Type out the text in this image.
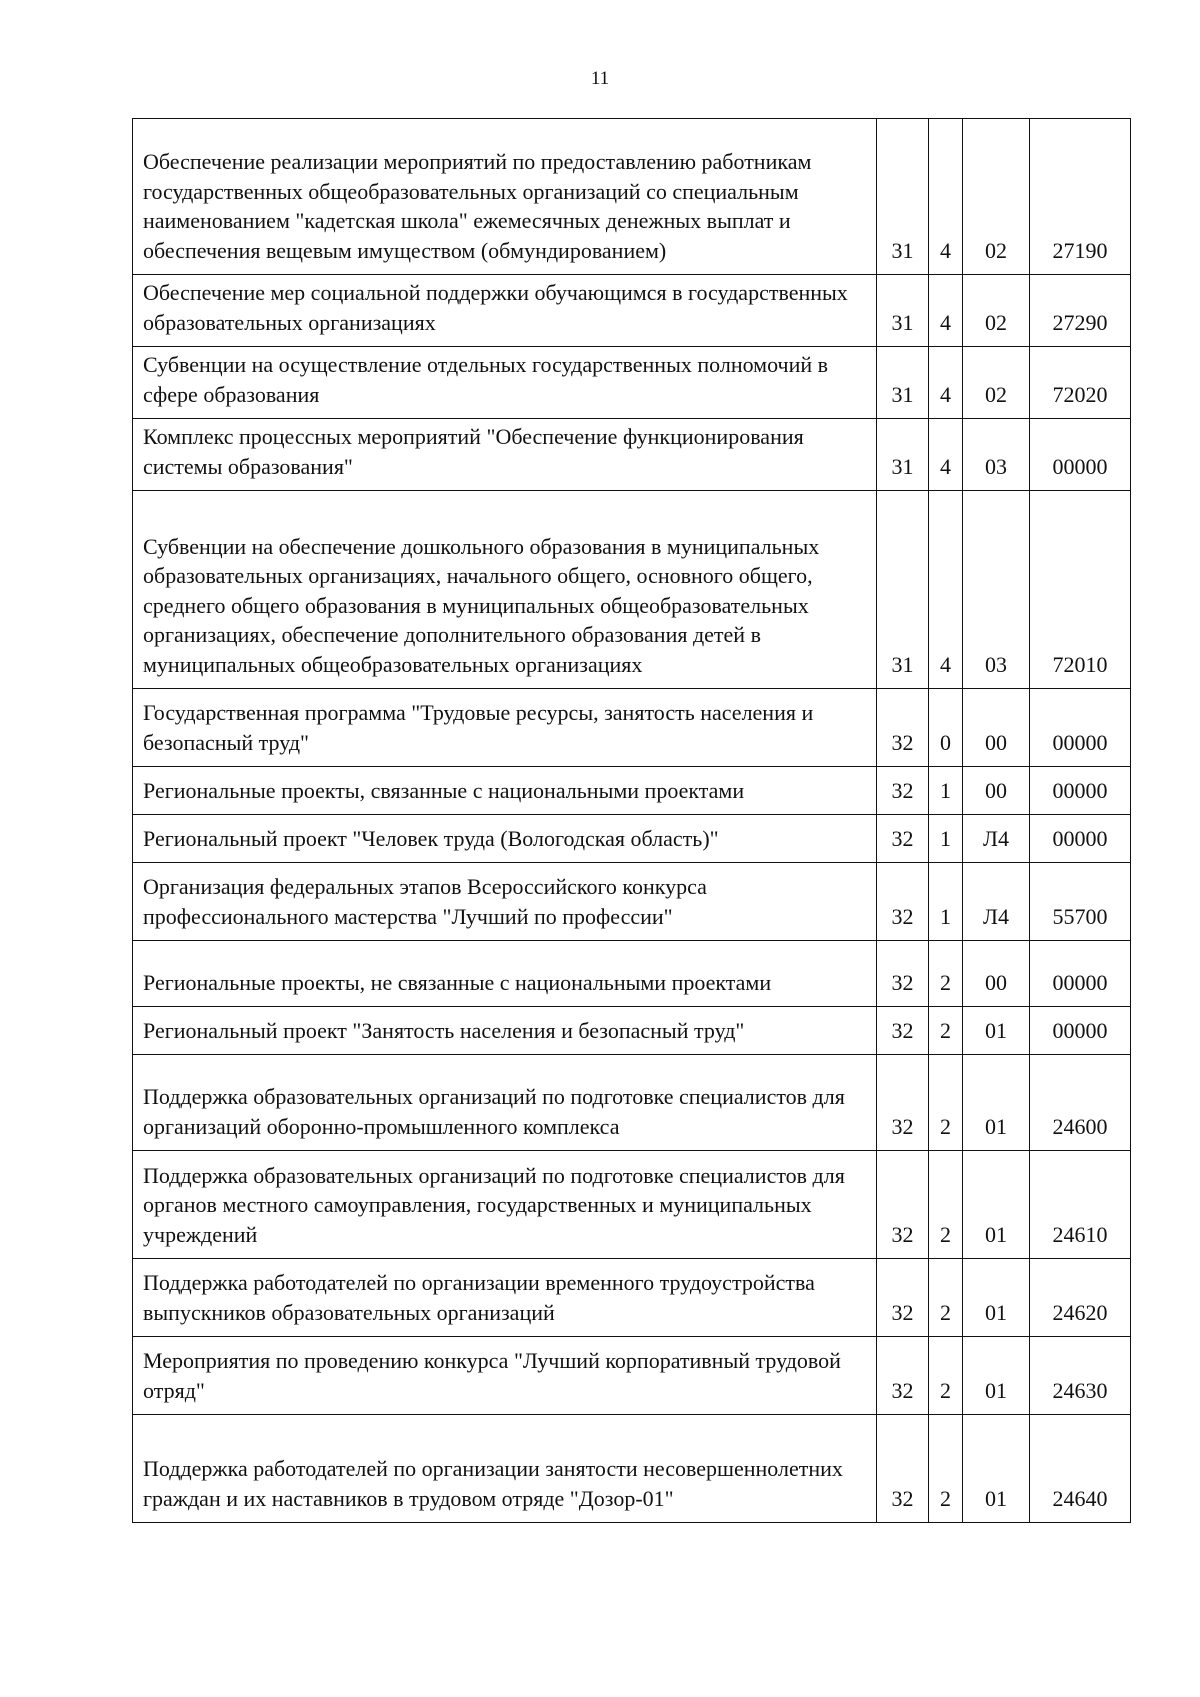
11
Обеспечение реализации мероприятий по предоставлению работникам государственных общеобразовательных организаций со специальным наименованием "кадетская школа" ежемесячных денежных выплат и обеспечения вещевым имуществом (обмундированием)	31	4	02	27190
Обеспечение мер социальной поддержки обучающимся в государственных образовательных организациях	31	4	02	27290
Субвенции на осуществление отдельных государственных полномочий в сфере образования	31	4	02	72020
Комплекс процессных мероприятий "Обеспечение функционирования системы образования"	31	4	03	00000
Субвенции на обеспечение дошкольного образования в муниципальных образовательных организациях, начального общего, основного общего, среднего общего образования в муниципальных общеобразовательных организациях, обеспечение дополнительного образования детей в муниципальных общеобразовательных организациях	31	4	03	72010
Государственная программа "Трудовые ресурсы, занятость населения и безопасный труд"	32	0	00	00000
Региональные проекты, связанные с национальными проектами	32	1	00	00000
Региональный проект "Человек труда (Вологодская область)"	32	1	Л4	00000
Организация федеральных этапов Всероссийского конкурса профессионального мастерства "Лучший по профессии"	32	1	Л4	55700
Региональные проекты, не связанные с национальными проектами	32	2	00	00000
Региональный проект "Занятость населения и безопасный труд"	32	2	01	00000
Поддержка образовательных организаций по подготовке специалистов для организаций оборонно-промышленного комплекса	32	2	01	24600
Поддержка образовательных организаций по подготовке специалистов для органов местного самоуправления, государственных и муниципальных учреждений	32	2	01	24610
Поддержка работодателей по организации временного трудоустройства выпускников образовательных организаций	32	2	01	24620
Мероприятия по проведению конкурса "Лучший корпоративный трудовой отряд"	32	2	01	24630
Поддержка работодателей по организации занятости несовершеннолетних граждан и их наставников в трудовом отряде "Дозор-01"	32	2	01	24640
